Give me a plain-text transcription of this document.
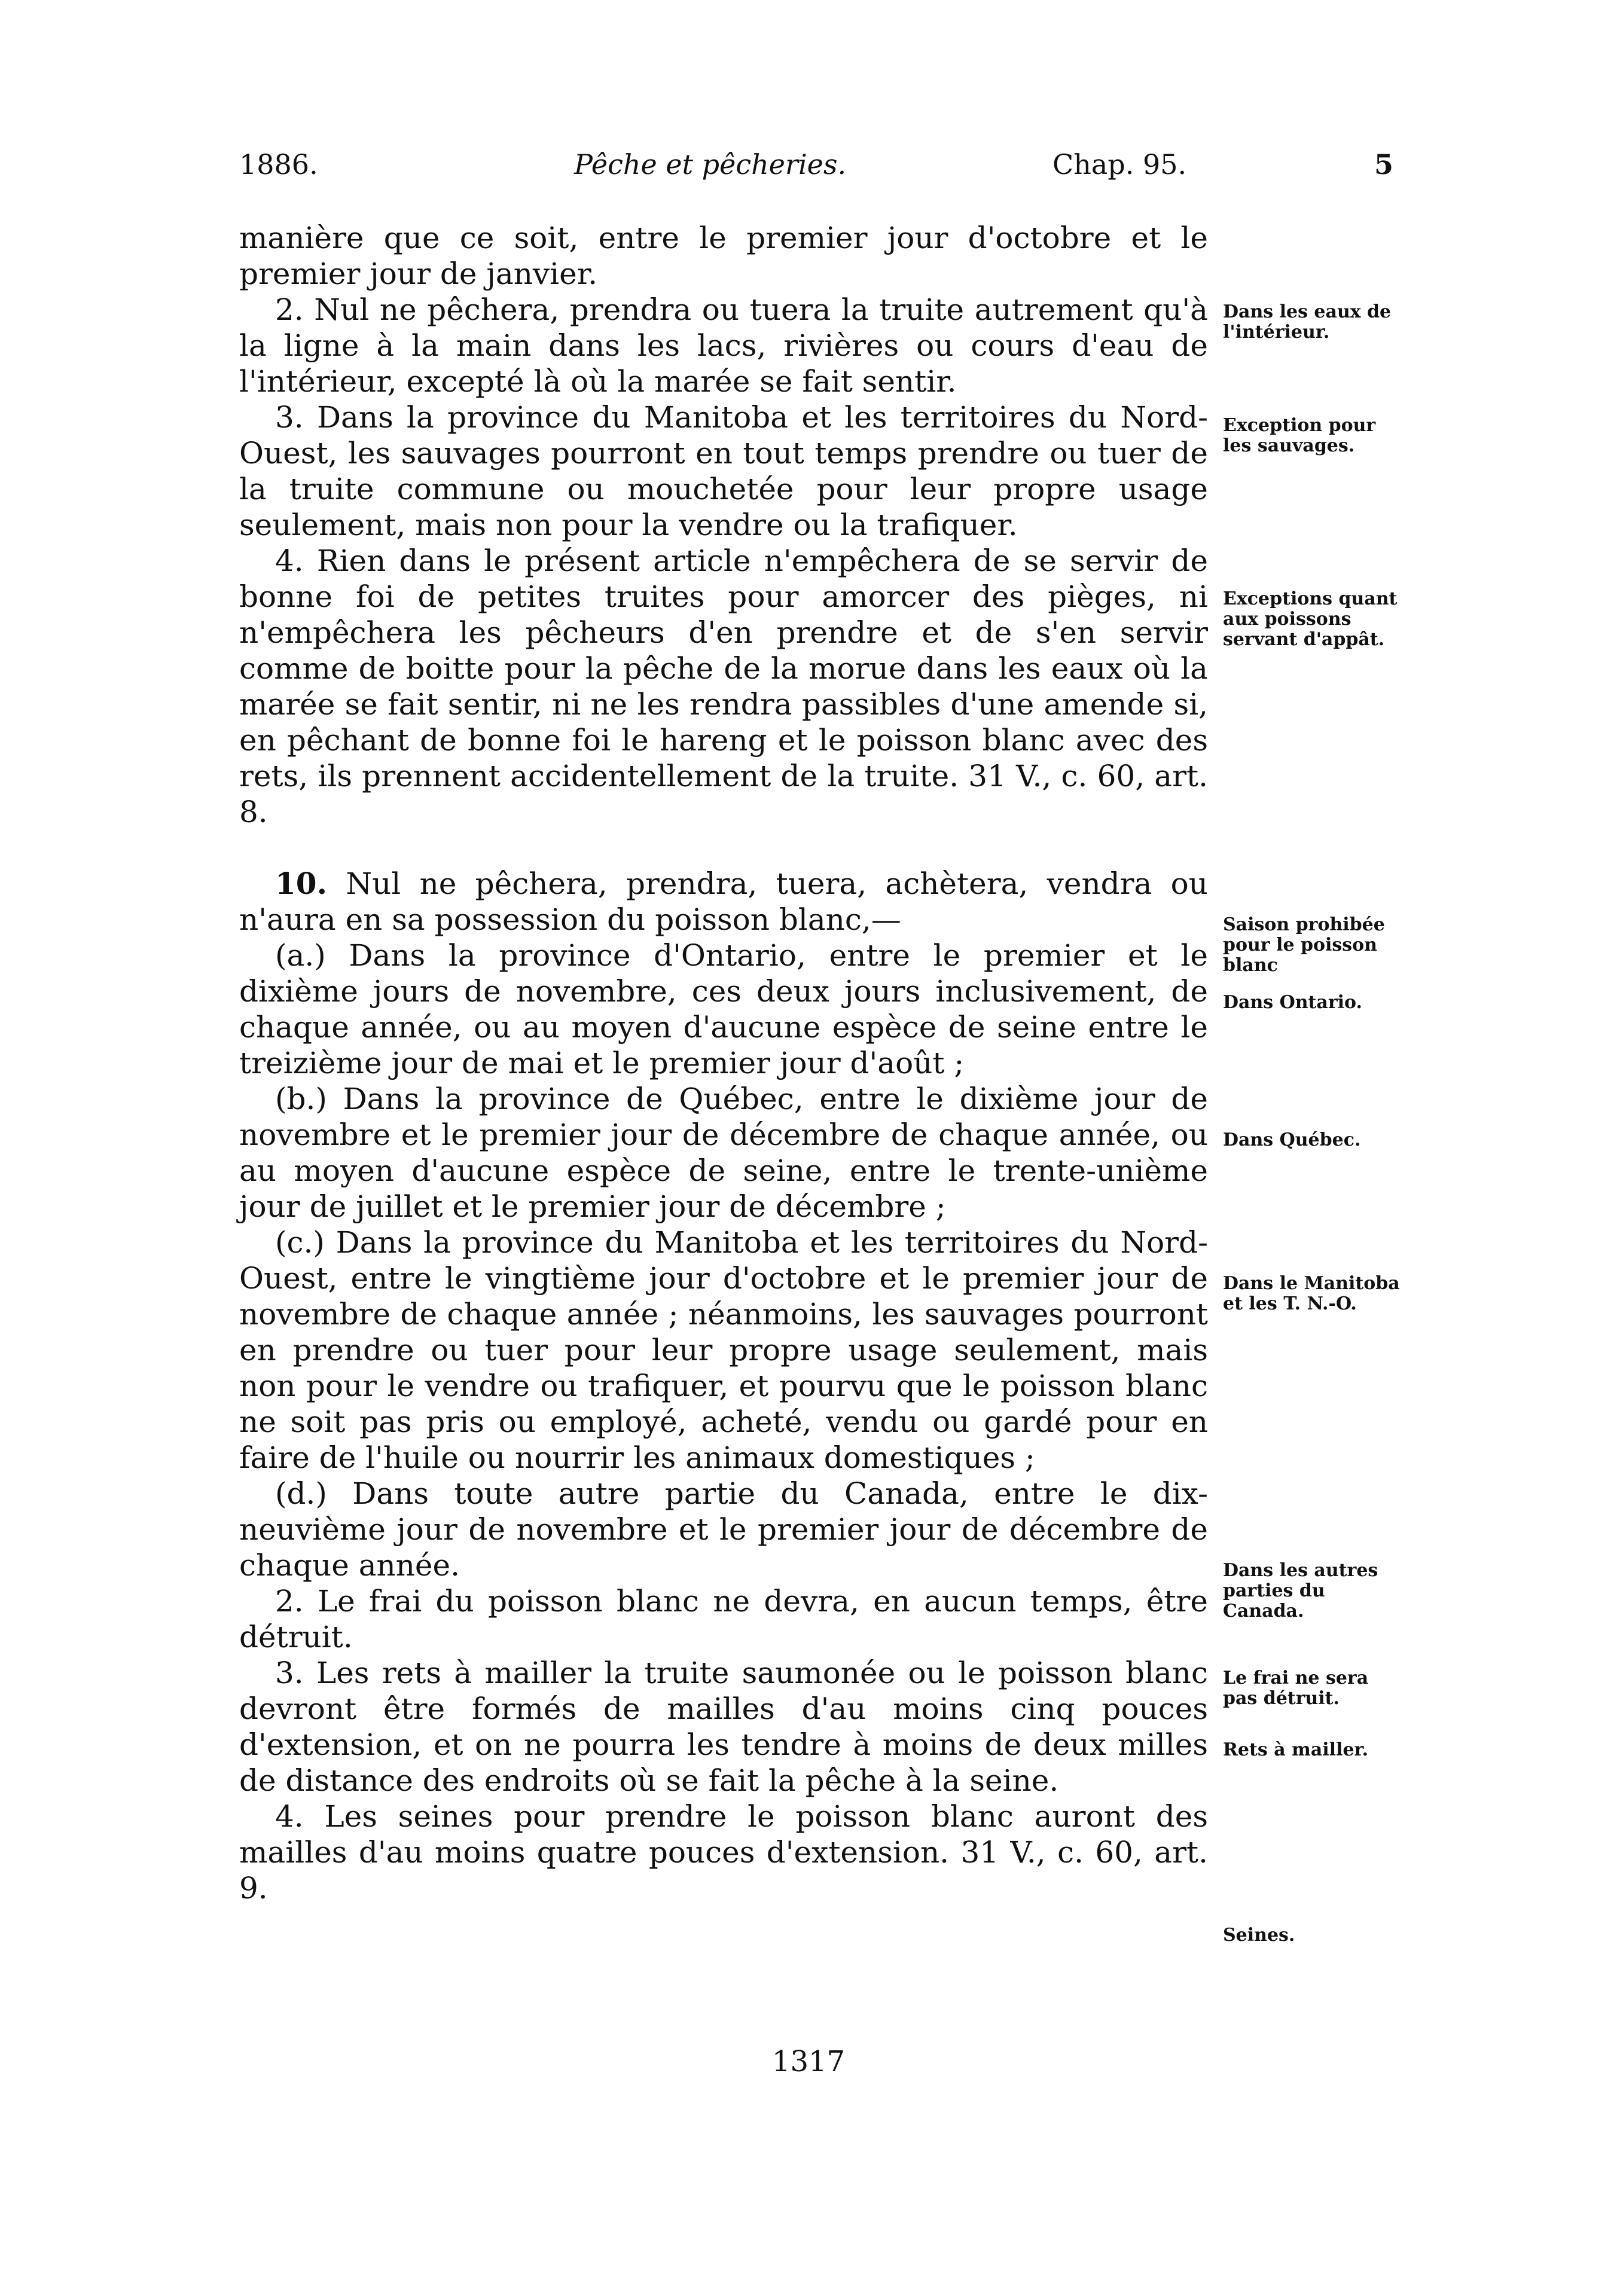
1886.	Pêche et pêcheries.	Chap. 95.	5

manière que ce soit, entre le premier jour d'octobre et le premier jour de janvier.

2. Nul ne pêchera, prendra ou tuera la truite autrement qu'à la ligne à la main dans les lacs, rivières ou cours d'eau de l'intérieur, excepté là où la marée se fait sentir.

3. Dans la province du Manitoba et les territoires du Nord-Ouest, les sauvages pourront en tout temps prendre ou tuer de la truite commune ou mouchetée pour leur propre usage seulement, mais non pour la vendre ou la trafiquer.

4. Rien dans le présent article n'empêchera de se servir de bonne foi de petites truites pour amorcer des pièges, ni n'empêchera les pêcheurs d'en prendre et de s'en servir comme de boitte pour la pêche de la morue dans les eaux où la marée se fait sentir, ni ne les rendra passibles d'une amende si, en pêchant de bonne foi le hareng et le poisson blanc avec des rets, ils prennent accidentellement de la truite. 31 V., c. 60, art. 8.

10. Nul ne pêchera, prendra, tuera, achètera, vendra ou n'aura en sa possession du poisson blanc,—

(a.) Dans la province d'Ontario, entre le premier et le dixième jours de novembre, ces deux jours inclusivement, de chaque année, ou au moyen d'aucune espèce de seine entre le treizième jour de mai et le premier jour d'août ;

(b.) Dans la province de Québec, entre le dixième jour de novembre et le premier jour de décembre de chaque année, ou au moyen d'aucune espèce de seine, entre le trente-unième jour de juillet et le premier jour de décembre ;

(c.) Dans la province du Manitoba et les territoires du Nord-Ouest, entre le vingtième jour d'octobre et le premier jour de novembre de chaque année ; néanmoins, les sauvages pourront en prendre ou tuer pour leur propre usage seulement, mais non pour le vendre ou trafiquer, et pourvu que le poisson blanc ne soit pas pris ou employé, acheté, vendu ou gardé pour en faire de l'huile ou nourrir les animaux domestiques ;

(d.) Dans toute autre partie du Canada, entre le dix-neuvième jour de novembre et le premier jour de décembre de chaque année.

2. Le frai du poisson blanc ne devra, en aucun temps, être détruit.

3. Les rets à mailler la truite saumonée ou le poisson blanc devront être formés de mailles d'au moins cinq pouces d'extension, et on ne pourra les tendre à moins de deux milles de distance des endroits où se fait la pêche à la seine.

4. Les seines pour prendre le poisson blanc auront des mailles d'au moins quatre pouces d'extension. 31 V., c. 60, art. 9.

Dans les eaux de l'intérieur.
Exception pour les sauvages.
Exceptions quant aux poissons servant d'appât.
Saison prohibée pour le poisson blanc
Dans Ontario.
Dans Québec.
Dans le Manitoba et les T. N.-O.
Dans les autres parties du Canada.
Le frai ne sera pas détruit.
Rets à mailler.
Seines.
1317
